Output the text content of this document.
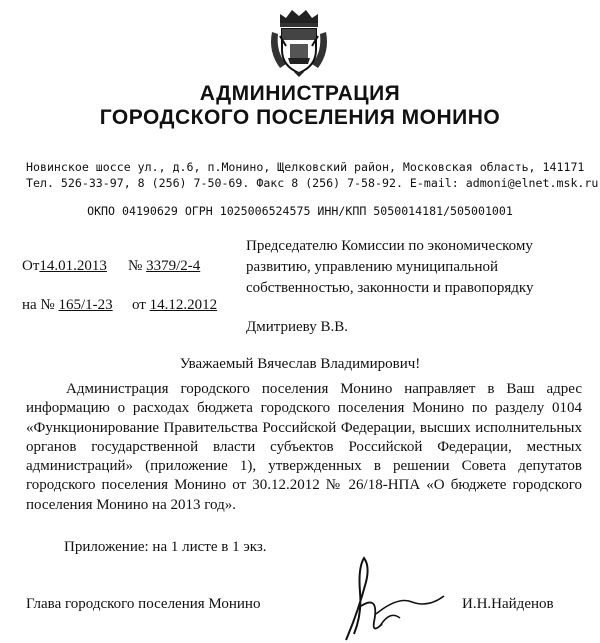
АДМИНИСТРАЦИЯ
ГОРОДСКОГО ПОСЕЛЕНИЯ МОНИНО
Новинское шоссе ул., д.6, п.Монино, Щелковский район, Московская область, 141171
Тел. 526-33-97, 8 (256) 7-50-69. Факс 8 (256) 7-58-92. E-mail: admoni@elnet.msk.ru
ОКПО 04190629 ОГРН 1025006524575 ИНН/КПП 5050014181/505001001
От14.01.2013 № 3379/2-4
на № 165/1-23 от 14.12.2012
Председателю Комиссии по экономическому
развитию, управлению муниципальной
собственностью, законности и правопорядку
Дмитриеву В.В.
Уважаемый Вячеслав Владимирович!

Администрация городского поселения Монино направляет в Ваш адрес информацию о расходах бюджета городского поселения Монино по разделу 0104 «Функционирование Правительства Российской Федерации, высших исполнительных органов государственной власти субъектов Российской Федерации, местных администраций» (приложение 1), утвержденных в решении Совета депутатов городского поселения Монино от 30.12.2012 № 26/18-НПА «О бюджете городского поселения Монино на 2013 год».

Приложение: на 1 листе в 1 экз.
Глава городского поселения Монино	И.Н.Найденов
